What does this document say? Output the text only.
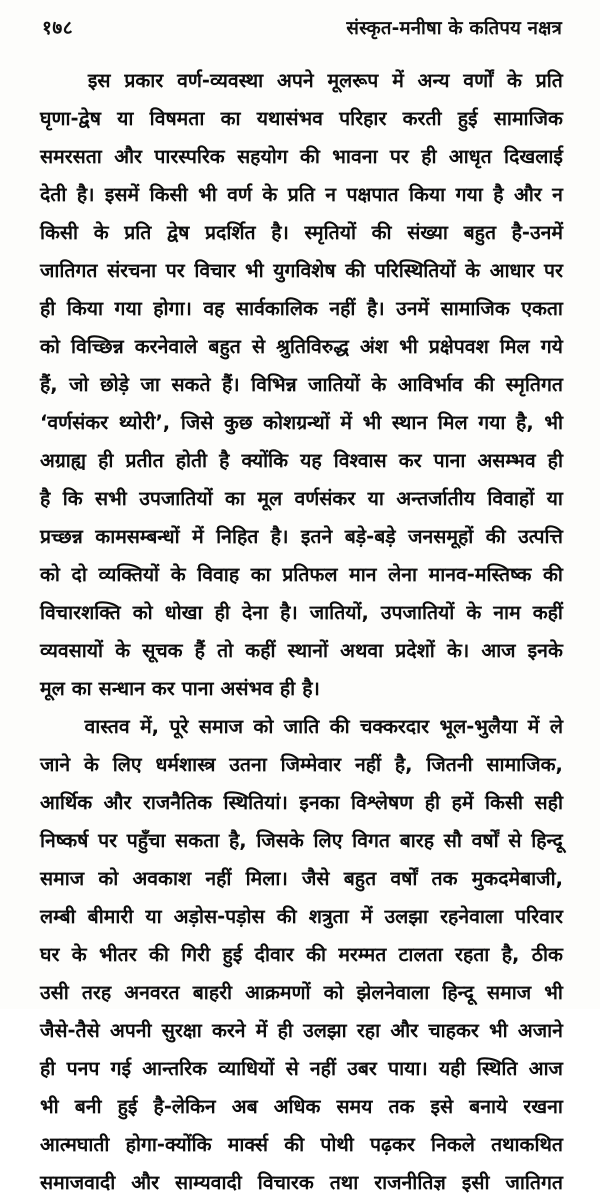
१७८	संस्कृत-मनीषा के कतिपय नक्षत्र
इस प्रकार वर्ण-व्यवस्था अपने मूलरूप में अन्य वर्णों के प्रति
घृणा-द्वेष या विषमता का यथासंभव परिहार करती हुई सामाजिक
समरसता और पारस्परिक सहयोग की भावना पर ही आधृत दिखलाई
देती है। इसमें किसी भी वर्ण के प्रति न पक्षपात किया गया है और न
किसी के प्रति द्वेष प्रदर्शित है। स्मृतियों की संख्या बहुत है-उनमें
जातिगत संरचना पर विचार भी युगविशेष की परिस्थितियों के आधार पर
ही किया गया होगा। वह सार्वकालिक नहीं है। उनमें सामाजिक एकता
को विच्छिन्न करनेवाले बहुत से श्रुतिविरुद्ध अंश भी प्रक्षेपवश मिल गये
हैं, जो छोड़े जा सकते हैं। विभिन्न जातियों के आविर्भाव की स्मृतिगत
‘वर्णसंकर थ्योरी’, जिसे कुछ कोशग्रन्थों में भी स्थान मिल गया है, भी
अग्राह्य ही प्रतीत होती है क्योंकि यह विश्वास कर पाना असम्भव ही
है कि सभी उपजातियों का मूल वर्णसंकर या अन्तर्जातीय विवाहों या
प्रच्छन्न कामसम्बन्धों में निहित है। इतने बड़े-बड़े जनसमूहों की उत्पत्ति
को दो व्यक्तियों के विवाह का प्रतिफल मान लेना मानव-मस्तिष्क की
विचारशक्ति को धोखा ही देना है। जातियों, उपजातियों के नाम कहीं
व्यवसायों के सूचक हैं तो कहीं स्थानों अथवा प्रदेशों के। आज इनके
मूल का सन्धान कर पाना असंभव ही है।
वास्तव में, पूरे समाज को जाति की चक्करदार भूल-भुलैया में ले
जाने के लिए धर्मशास्त्र उतना जिम्मेवार नहीं है, जितनी सामाजिक,
आर्थिक और राजनैतिक स्थितियां। इनका विश्लेषण ही हमें किसी सही
निष्कर्ष पर पहुँचा सकता है, जिसके लिए विगत बारह सौ वर्षों से हिन्दू
समाज को अवकाश नहीं मिला। जैसे बहुत वर्षों तक मुकदमेबाजी,
लम्बी बीमारी या अड़ोस-पड़ोस की शत्रुता में उलझा रहनेवाला परिवार
घर के भीतर की गिरी हुई दीवार की मरम्मत टालता रहता है, ठीक
उसी तरह अनवरत बाहरी आक्रमणों को झेलनेवाला हिन्दू समाज भी
जैसे-तैसे अपनी सुरक्षा करने में ही उलझा रहा और चाहकर भी अजाने
ही पनप गई आन्तरिक व्याधियों से नहीं उबर पाया। यही स्थिति आज
भी बनी हुई है-लेकिन अब अधिक समय तक इसे बनाये रखना
आत्मघाती होगा-क्योंकि मार्क्स की पोथी पढ़कर निकले तथाकथित
समाजवादी और साम्यवादी विचारक तथा राजनीतिज्ञ इसी जातिगत
